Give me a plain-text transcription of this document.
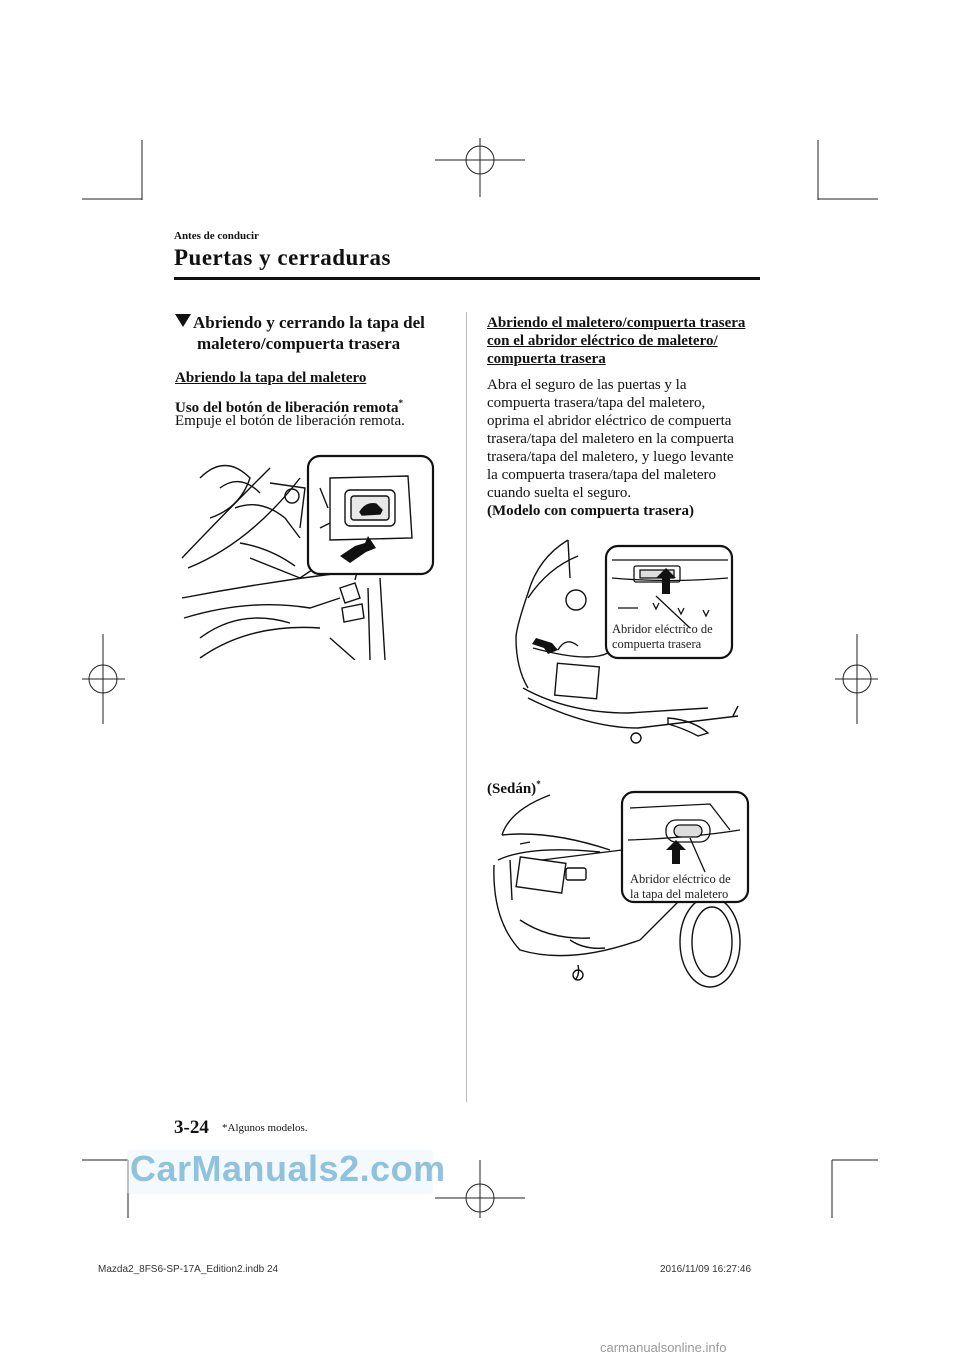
Antes de conducir
Puertas y cerraduras
Abriendo y cerrando la tapa del
maletero/compuerta trasera
Abriendo la tapa del maletero
Uso del botón de liberación remota*
Empuje el botón de liberación remota.
Abriendo el maletero/compuerta trasera
con el abridor eléctrico de maletero/
compuerta trasera
Abra el seguro de las puertas y la
compuerta trasera/tapa del maletero,
oprima el abridor eléctrico de compuerta
trasera/tapa del maletero en la compuerta
trasera/tapa del maletero, y luego levante
la compuerta trasera/tapa del maletero
cuando suelta el seguro.
(Modelo con compuerta trasera)
Abridor eléctrico de
compuerta trasera
(Sedán)*
Abridor eléctrico de
la tapa del maletero
3-24 *Algunos modelos.
CarManuals2.com
Mazda2_8FS6-SP-17A_Edition2.indb 24	2016/11/09 16:27:46
carmanualsonline.info
